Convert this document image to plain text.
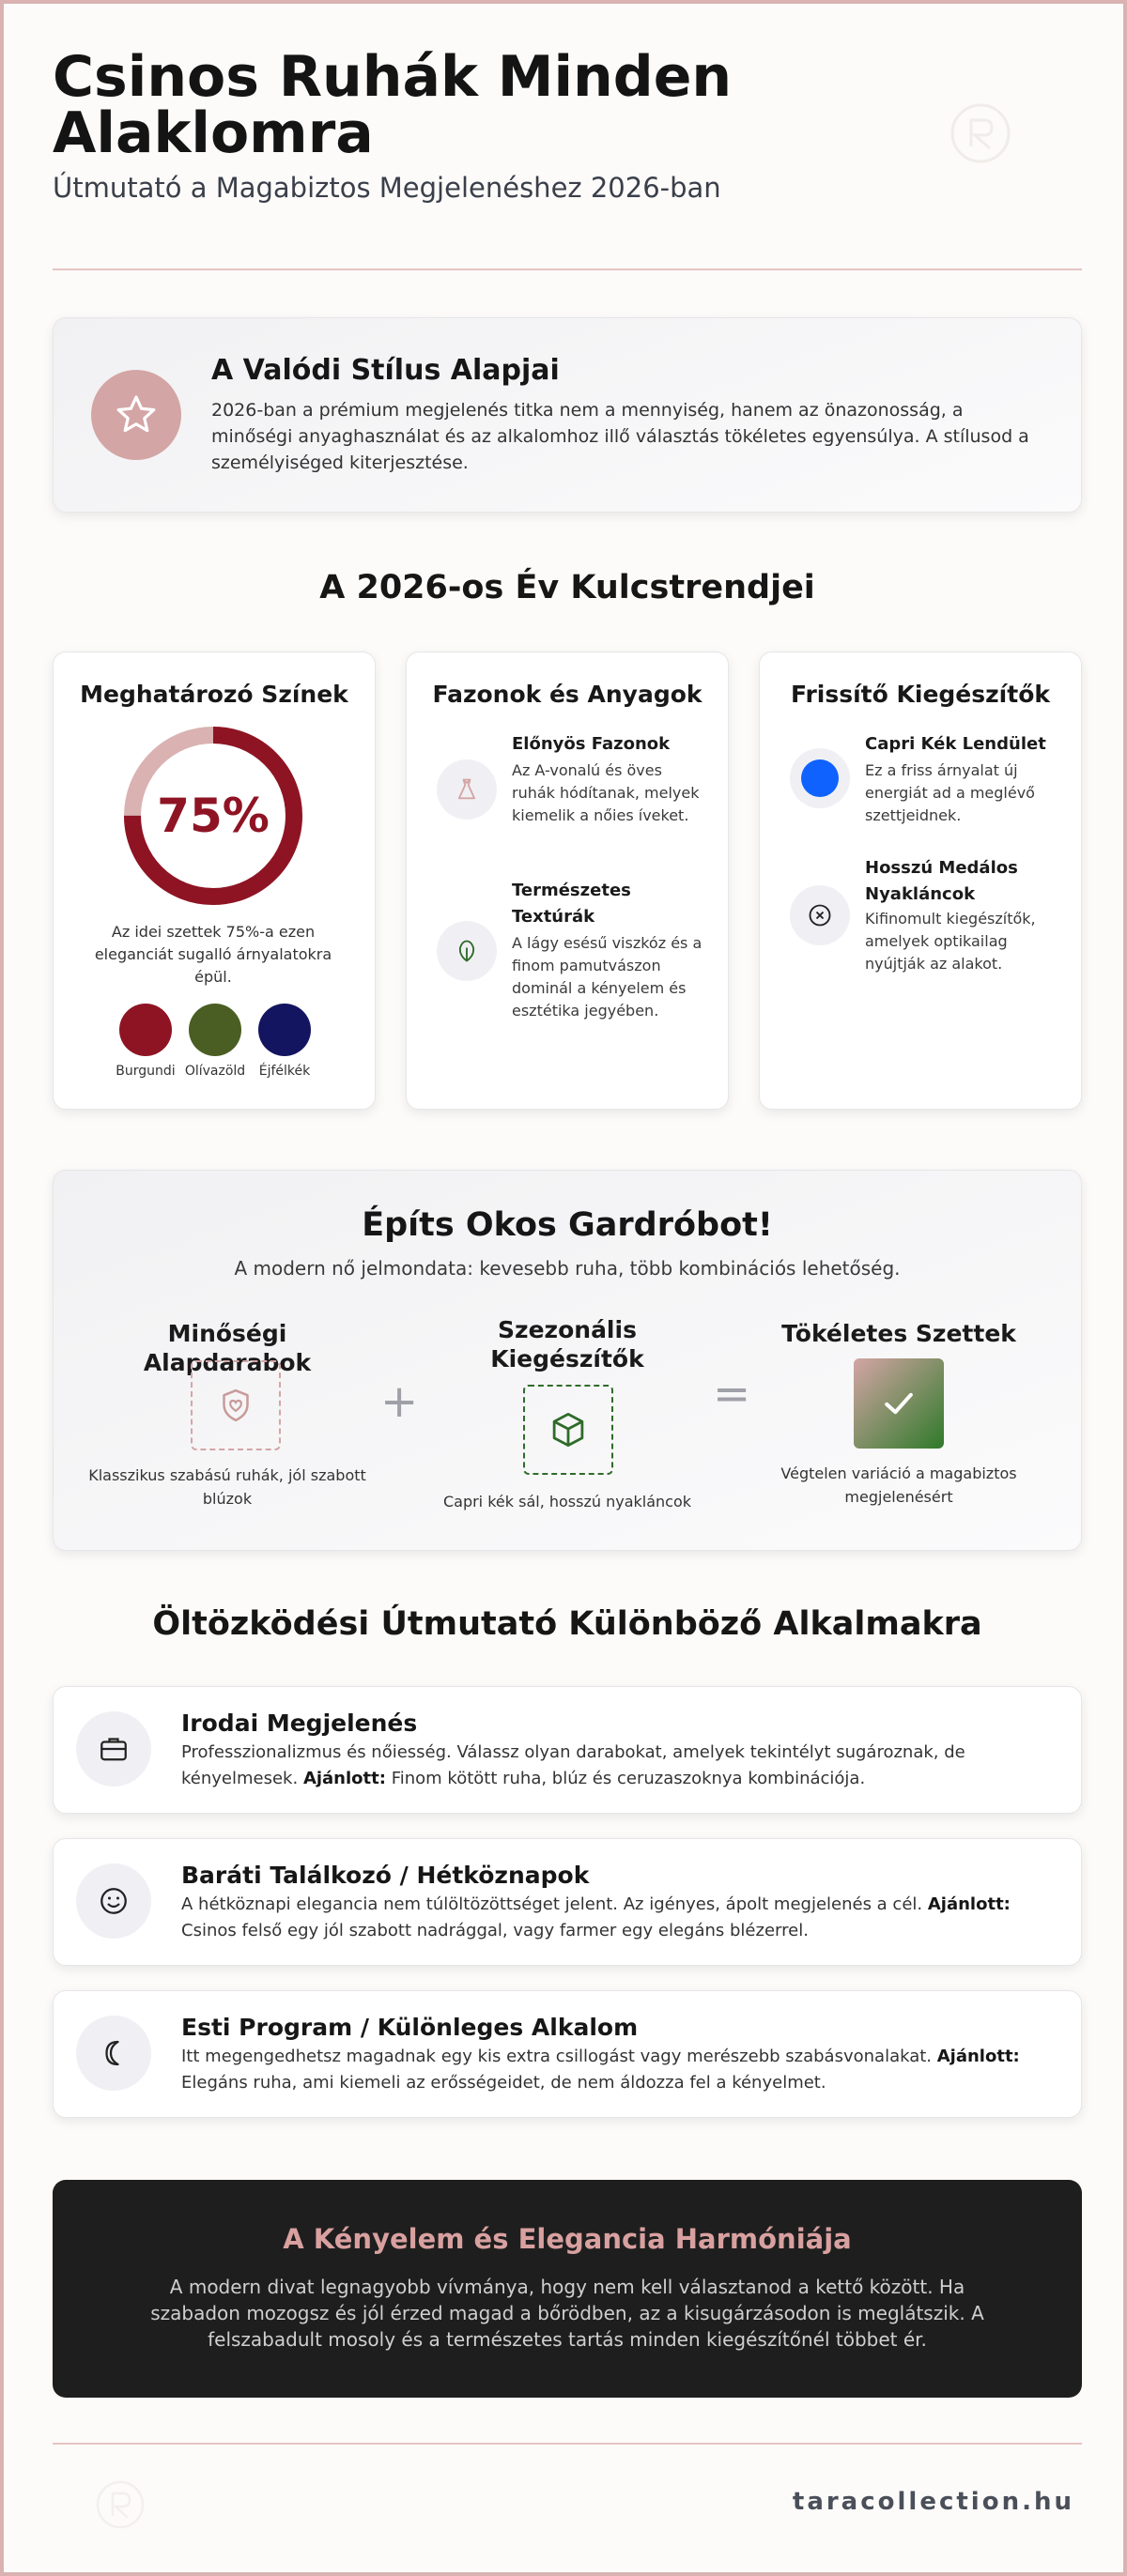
Csinos Ruhák Minden Alaklomra
Útmutató a Magabiztos Megjelenéshez 2026-ban
A Valódi Stílus Alapjai
2026-ban a prémium megjelenés titka nem a mennyiség, hanem az önazonosság, a minőségi anyaghasználat és az alkalomhoz illő választás tökéletes egyensúlya. A stílusod a személyiséged kiterjesztése.
A 2026-os Év Kulcstrendjei
Meghatározó Színek
75%
Az idei szettek 75%-a ezen eleganciát sugalló árnyalatokra épül.
Burgundi Olívazöld	Éjfélkék
Fazonok és Anyagok
Előnyös Fazonok
Az A-vonalú és öves ruhák hódítanak, melyek kiemelik a nőies íveket.
Természetes Textúrák
A lágy esésű viszkóz és a finom pamutvászon dominál a kényelem és esztétika jegyében.
Frissítő Kiegészítők
Capri Kék Lendület
Ez a friss árnyalat új energiát ad a meglévő szettjeidnek.
Hosszú Medálos Nyakláncok
Kifinomult kiegészítők, amelyek optikailag nyújtják az alakot.
Építs Okos Gardróbot!
A modern nő jelmondata: kevesebb ruha, több kombinációs lehetőség.
Minőségi Alapdarabok
Klasszikus szabású ruhák, jól szabott blúzok
+
Szezonális Kiegészítők
Capri kék sál, hosszú nyakláncok
=
Tökéletes Szettek
Végtelen variáció a magabiztos megjelenésért
Öltözködési Útmutató Különböző Alkalmakra
Irodai Megjelenés
Professzionalizmus és nőiesség. Válassz olyan darabokat, amelyek tekintélyt sugároznak, de kényelmesek. Ajánlott: Finom kötött ruha, blúz és ceruzaszoknya kombinációja.
Baráti Találkozó / Hétköznapok
A hétköznapi elegancia nem túlöltözöttséget jelent. Az igényes, ápolt megjelenés a cél. Ajánlott: Csinos felső egy jól szabott nadrággal, vagy farmer egy elegáns blézerrel.
Esti Program / Különleges Alkalom
Itt megengedhetsz magadnak egy kis extra csillogást vagy merészebb szabásvonalakat. Ajánlott: Elegáns ruha, ami kiemeli az erősségeidet, de nem áldozza fel a kényelmet.
A Kényelem és Elegancia Harmóniája
A modern divat legnagyobb vívmánya, hogy nem kell választanod a kettő között. Ha szabadon mozogsz és jól érzed magad a bőrödben, az a kisugárzásodon is meglátszik. A felszabadult mosoly és a természetes tartás minden kiegészítőnél többet ér.
taracollection.hu
